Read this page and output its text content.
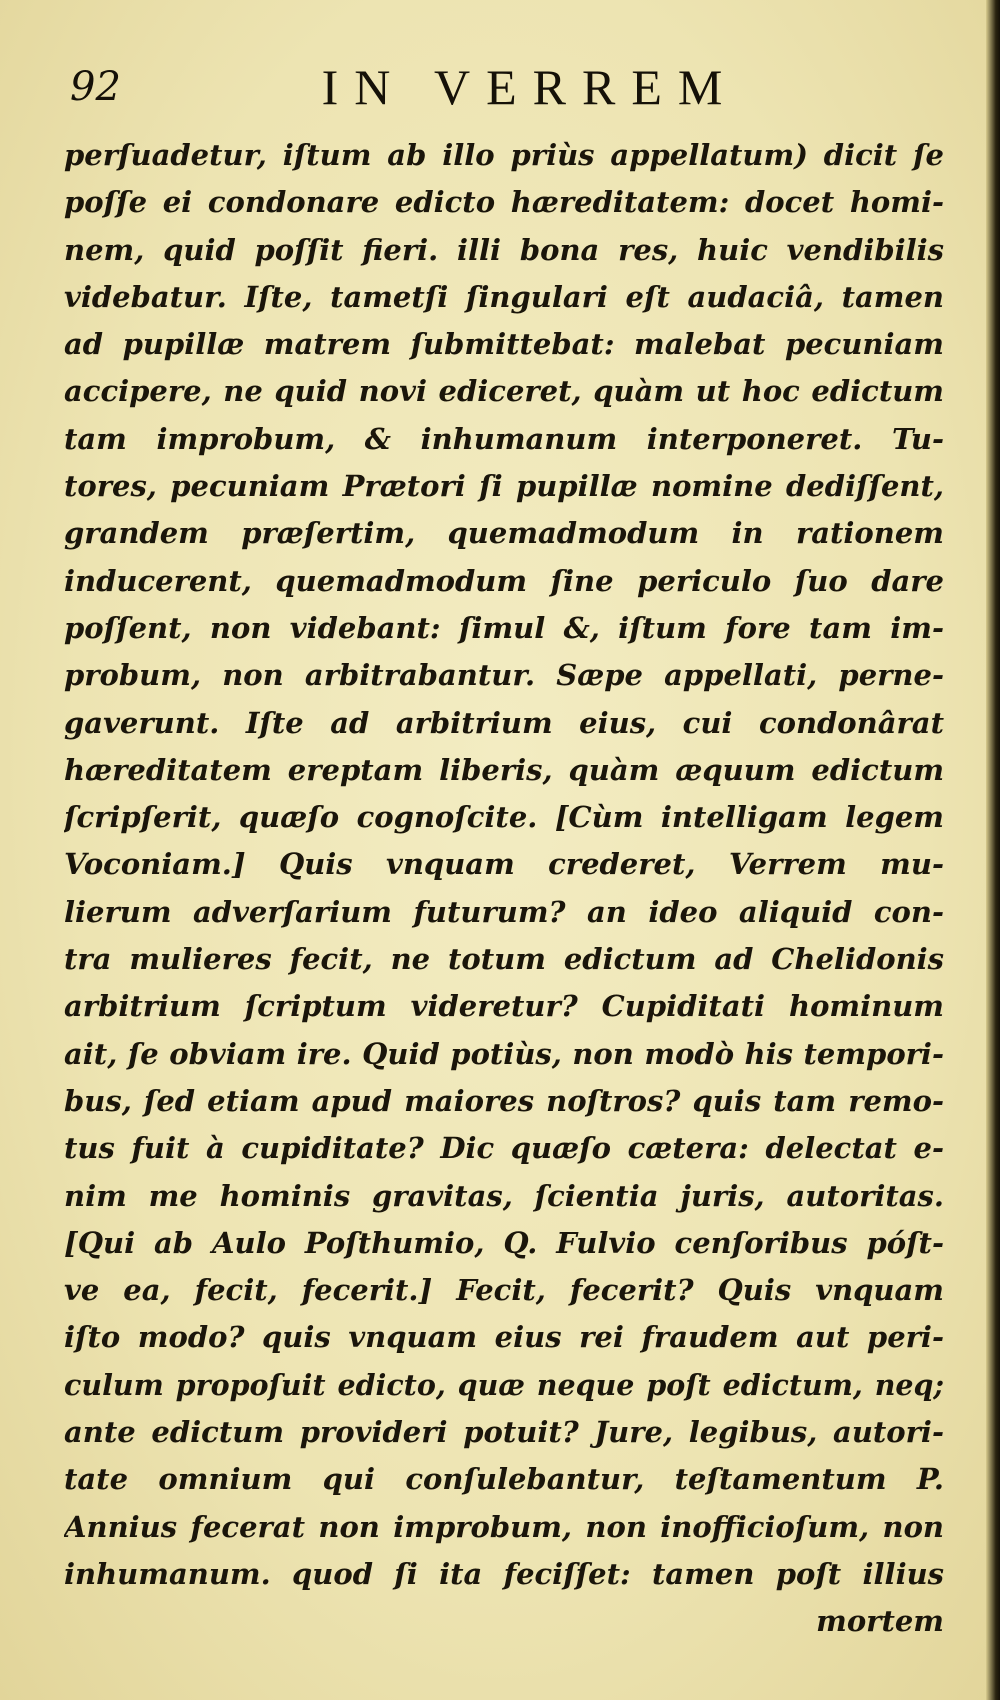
92	IN VERREM
perſuadetur, iſtum ab illo priùs appellatum) dicit ſe
poſſe ei condonare edicto hæreditatem: docet homi-
nem, quid poſſit fieri. illi bona res, huic vendibilis
videbatur. Iſte, tametſi ſingulari eſt audaciâ, tamen
ad pupillæ matrem ſubmittebat: malebat pecuniam
accipere, ne quid novi ediceret, quàm ut hoc edictum
tam improbum, & inhumanum interponeret. Tu-
tores, pecuniam Prætori ſi pupillæ nomine dediſſent,
grandem præſertim, quemadmodum in rationem
inducerent, quemadmodum ſine periculo ſuo dare
poſſent, non videbant: ſimul &, iſtum fore tam im-
probum, non arbitrabantur. Sæpe appellati, perne-
gaverunt. Iſte ad arbitrium eius, cui condonârat
hæreditatem ereptam liberis, quàm æquum edictum
ſcripſerit, quæſo cognoſcite. [Cùm intelligam legem
Voconiam.] Quis vnquam crederet, Verrem mu-
lierum adverſarium futurum? an ideo aliquid con-
tra mulieres fecit, ne totum edictum ad Chelidonis
arbitrium ſcriptum videretur? Cupiditati hominum
ait, ſe obviam ire. Quid potiùs, non modò his tempori-
bus, ſed etiam apud maiores noſtros? quis tam remo-
tus fuit à cupiditate? Dic quæſo cætera: delectat e-
nim me hominis gravitas, ſcientia juris, autoritas.
[Qui ab Aulo Poſthumio, Q. Fulvio cenſoribus póſt-
ve ea, fecit, fecerit.] Fecit, fecerit? Quis vnquam
iſto modo? quis vnquam eius rei fraudem aut peri-
culum propoſuit edicto, quæ neque poſt edictum, neq;
ante edictum provideri potuit? Jure, legibus, autori-
tate omnium qui conſulebantur, teſtamentum P.
Annius fecerat non improbum, non inofficioſum, non
inhumanum. quod ſi ita feciſſet: tamen poſt illius
mortem
